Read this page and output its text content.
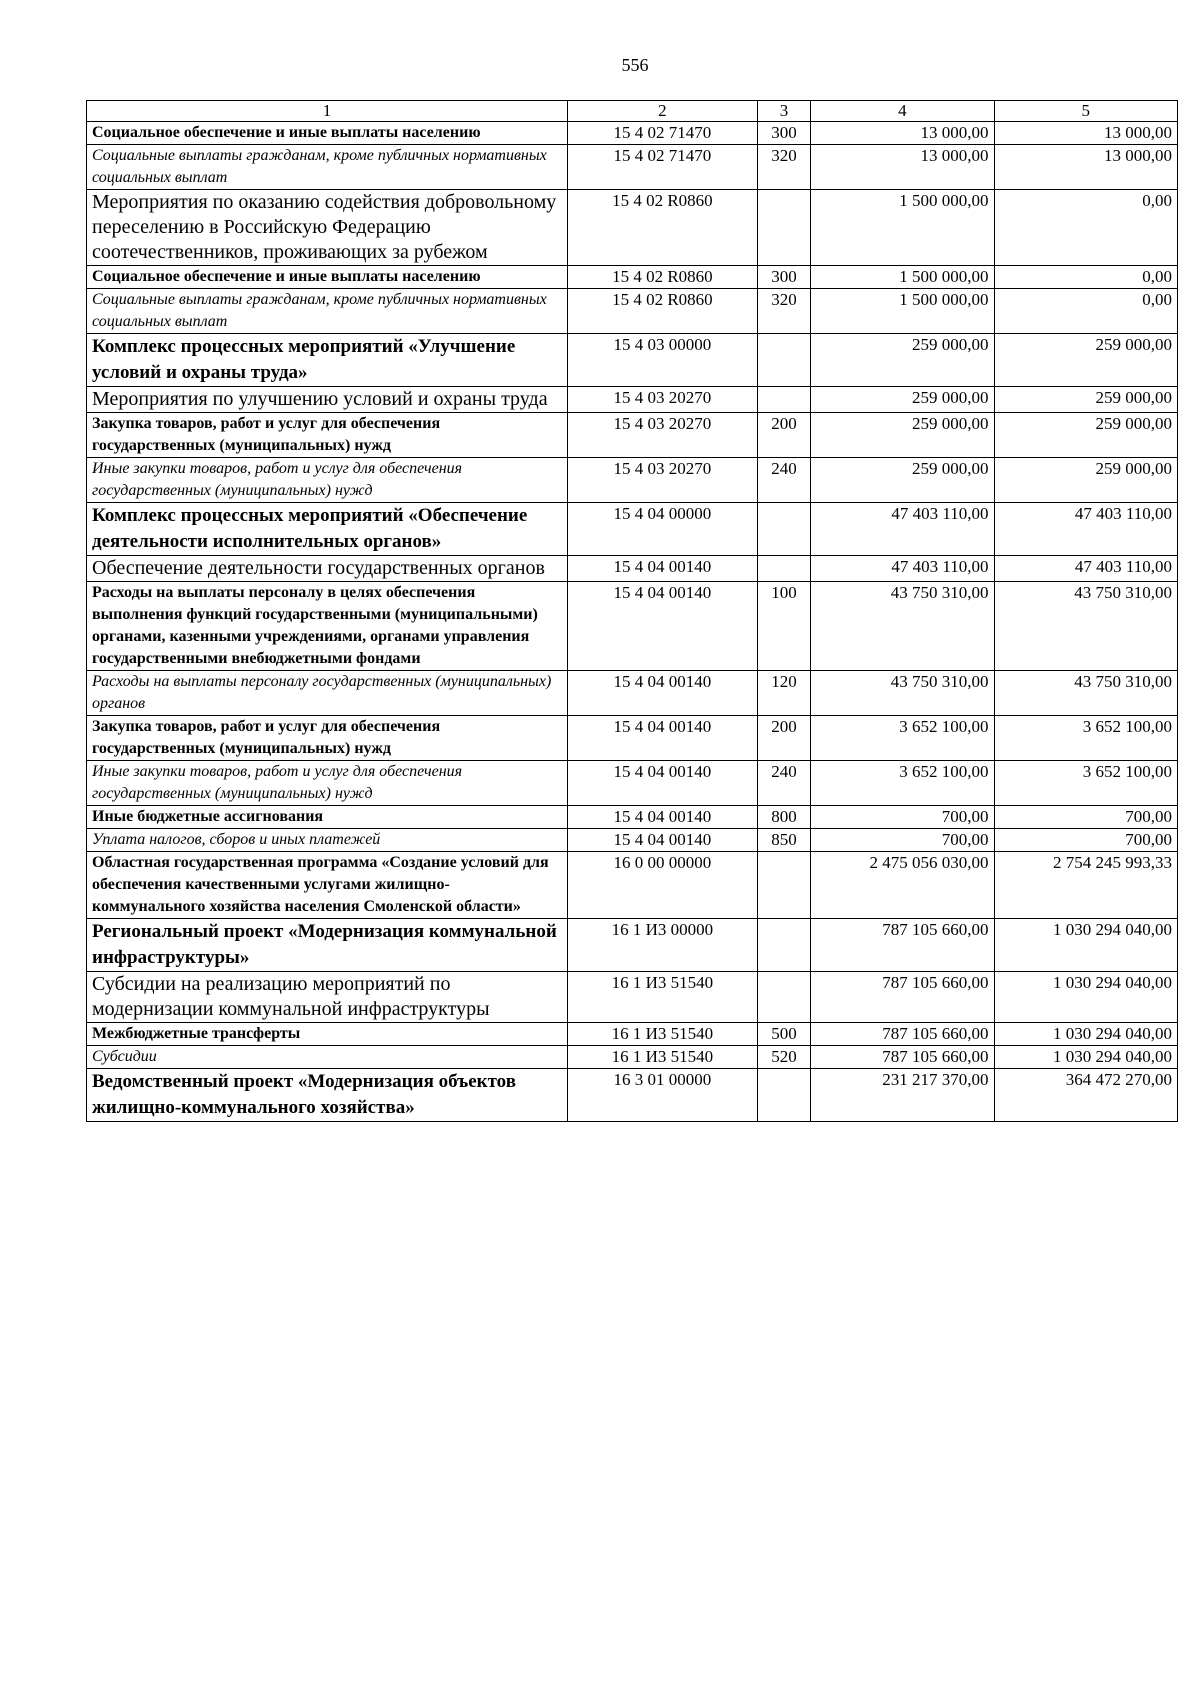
556
1	2	3	4	5
Социальное обеспечение и иные выплаты населению	15 4 02 71470	300	13 000,00	13 000,00
Социальные выплаты гражданам, кроме публичных нормативных социальных выплат	15 4 02 71470	320	13 000,00	13 000,00
Мероприятия по оказанию содействия добровольному переселению в Российскую Федерацию соотечественников, проживающих за рубежом	15 4 02 R0860		1 500 000,00	0,00
Социальное обеспечение и иные выплаты населению	15 4 02 R0860	300	1 500 000,00	0,00
Социальные выплаты гражданам, кроме публичных нормативных социальных выплат	15 4 02 R0860	320	1 500 000,00	0,00
Комплекс процессных мероприятий «Улучшение условий и охраны труда»	15 4 03 00000		259 000,00	259 000,00
Мероприятия по улучшению условий и охраны труда	15 4 03 20270		259 000,00	259 000,00
Закупка товаров, работ и услуг для обеспечения государственных (муниципальных) нужд	15 4 03 20270	200	259 000,00	259 000,00
Иные закупки товаров, работ и услуг для обеспечения государственных (муниципальных) нужд	15 4 03 20270	240	259 000,00	259 000,00
Комплекс процессных мероприятий «Обеспечение деятельности исполнительных органов»	15 4 04 00000		47 403 110,00	47 403 110,00
Обеспечение деятельности государственных органов	15 4 04 00140		47 403 110,00	47 403 110,00
Расходы на выплаты персоналу в целях обеспечения выполнения функций государственными (муниципальными) органами, казенными учреждениями, органами управления государственными внебюджетными фондами	15 4 04 00140	100	43 750 310,00	43 750 310,00
Расходы на выплаты персоналу государственных (муниципальных) органов	15 4 04 00140	120	43 750 310,00	43 750 310,00
Закупка товаров, работ и услуг для обеспечения государственных (муниципальных) нужд	15 4 04 00140	200	3 652 100,00	3 652 100,00
Иные закупки товаров, работ и услуг для обеспечения государственных (муниципальных) нужд	15 4 04 00140	240	3 652 100,00	3 652 100,00
Иные бюджетные ассигнования	15 4 04 00140	800	700,00	700,00
Уплата налогов, сборов и иных платежей	15 4 04 00140	850	700,00	700,00
Областная государственная программа «Создание условий для обеспечения качественными услугами жилищно-коммунального хозяйства населения Смоленской области»	16 0 00 00000		2 475 056 030,00	2 754 245 993,33
Региональный проект «Модернизация коммунальной инфраструктуры»	16 1 И3 00000		787 105 660,00	1 030 294 040,00
Субсидии на реализацию мероприятий по модернизации коммунальной инфраструктуры	16 1 И3 51540		787 105 660,00	1 030 294 040,00
Межбюджетные трансферты	16 1 И3 51540	500	787 105 660,00	1 030 294 040,00
Субсидии	16 1 И3 51540	520	787 105 660,00	1 030 294 040,00
Ведомственный проект «Модернизация объектов жилищно-коммунального хозяйства»	16 3 01 00000		231 217 370,00	364 472 270,00
